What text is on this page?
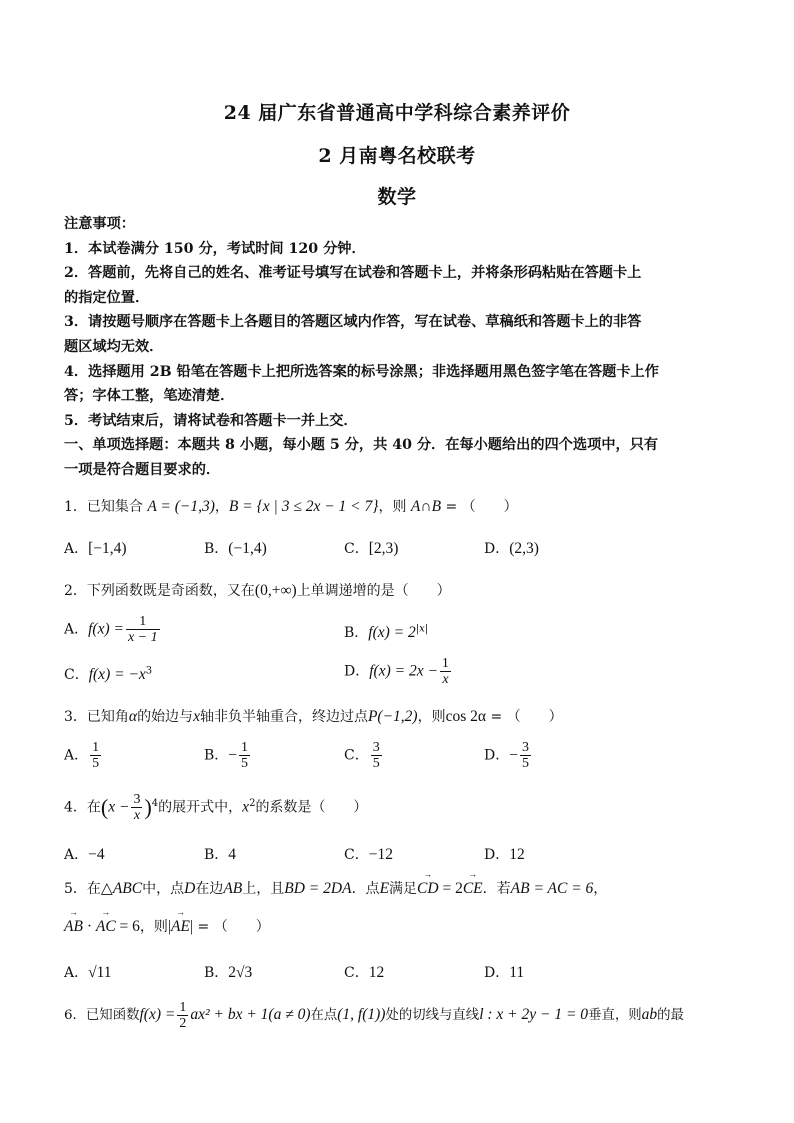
24 届广东省普通高中学科综合素养评价
2 月南粤名校联考
数学
注意事项：
1．本试卷满分 150 分，考试时间 120 分钟．
2．答题前，先将自己的姓名、准考证号填写在试卷和答题卡上，并将条形码粘贴在答题卡上
的指定位置．
3．请按题号顺序在答题卡上各题目的答题区域内作答，写在试卷、草稿纸和答题卡上的非答
题区域均无效．
4．选择题用 2B 铅笔在答题卡上把所选答案的标号涂黑；非选择题用黑色签字笔在答题卡上作
答；字体工整，笔迹清楚．
5．考试结束后，请将试卷和答题卡一并上交．
一、单项选择题：本题共 8 小题，每小题 5 分，共 40 分．在每小题给出的四个选项中，只有
一项是符合题目要求的．
1．已知集合 A = (−1,3)，B = {x | 3 ≤ 2x − 1 < 7}，则 A∩B = （　　）
A．[−1,4)	B．(−1,4)	C．[2,3)	D．(2,3)
2．下列函数既是奇函数，又在(0,+∞)上单调递增的是（　　）
A．$f(x) = \frac{1}{x - 1}$	B．$f(x) = 2^{|x|}$
C．$f(x) = -x^3$	D．$f(x) = 2x - \frac{1}{x}$
3．已知角α的始边与x轴非负半轴重合，终边过点P(−1,2)，则cos 2α = （　　）
A． $\frac{1}{5}$	B．− $\frac{1}{5}$	C． $\frac{3}{5}$	D．− $\frac{3}{5}$
4．在$(x - \frac{3}{x} )^4$的展开式中，$x^2$的系数是（　　）
A．−4	B．4	C．−12	D．12
5．在△ABC中，点D在边AB上，且BD = 2DA．点E满足→ CD = 2→ CE．若AB = AC = 6，
→ AB · → AC = 6，则|→ AE| = （　　）
A．√11	B．2√3	C．12	D．11
6．已知函数$f(x) = \frac{1}{2} ax^2$ + bx + 1(a ≠ 0)在点(1, f(1))处的切线与直线l : x + 2y − 1 = 0垂直，则ab的最
